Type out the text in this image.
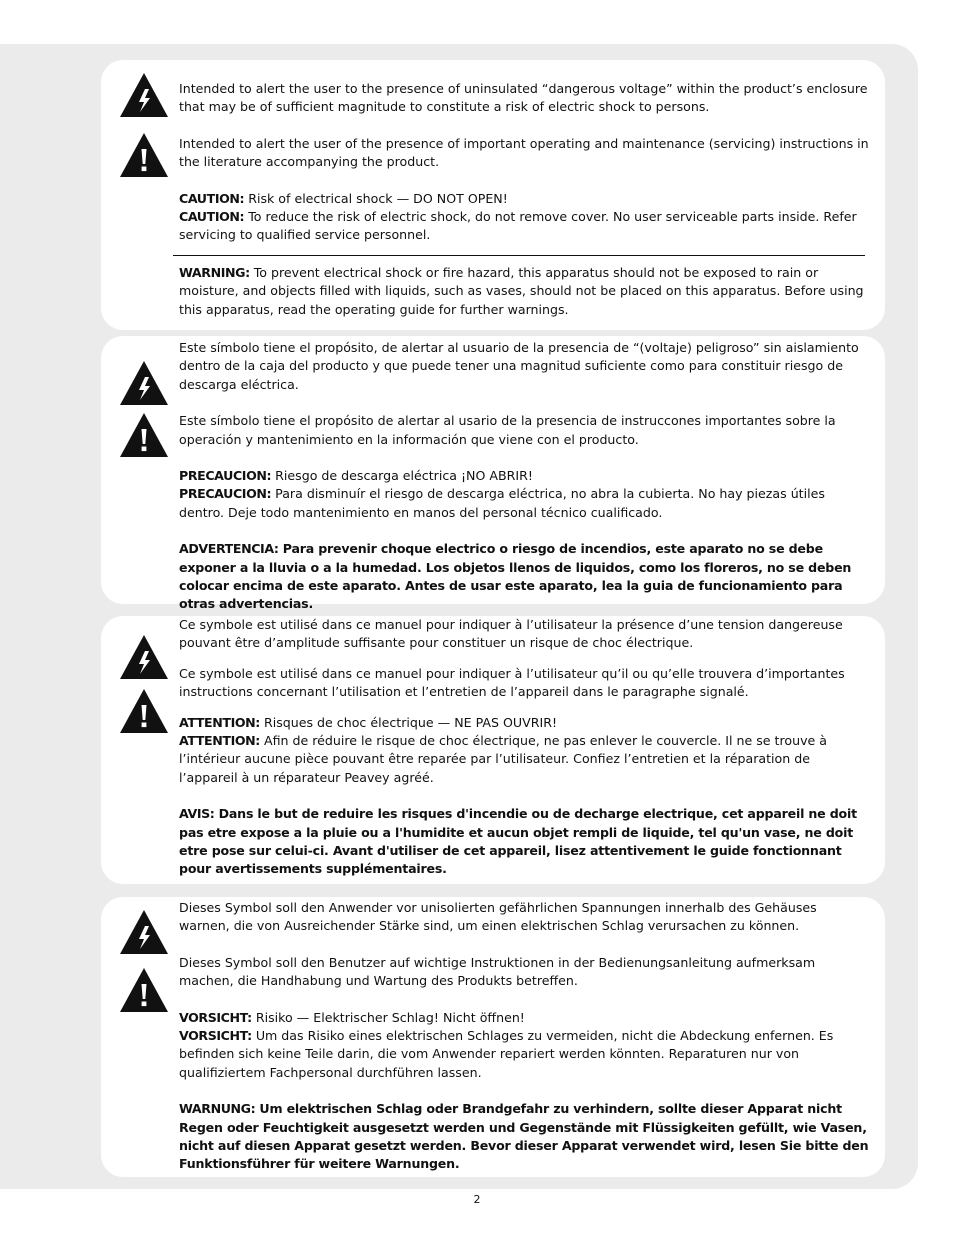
Intended to alert the user to the presence of uninsulated “dangerous voltage” within the product’s enclosure that may be of sufficient magnitude to constitute a risk of electric shock to persons.

Intended to alert the user of the presence of important operating and maintenance (servicing) instructions in the literature accompanying the product.

CAUTION: Risk of electrical shock — DO NOT OPEN!

CAUTION: To reduce the risk of electric shock, do not remove cover. No user serviceable parts inside. Refer servicing to qualified service personnel.

WARNING: To prevent electrical shock or fire hazard, this apparatus should not be exposed to rain or moisture, and objects filled with liquids, such as vases, should not be placed on this apparatus. Before using this apparatus, read the operating guide for further warnings.

Este símbolo tiene el propósito, de alertar al usuario de la presencia de “(voltaje) peligroso” sin aislamiento dentro de la caja del producto y que puede tener una magnitud suficiente como para constituir riesgo de descarga eléctrica.

Este símbolo tiene el propósito de alertar al usario de la presencia de instruccones importantes sobre la operación y mantenimiento en la información que viene con el producto.

PRECAUCION: Riesgo de descarga eléctrica ¡NO ABRIR!

PRECAUCION: Para disminuír el riesgo de descarga eléctrica, no abra la cubierta. No hay piezas útiles dentro. Deje todo mantenimiento en manos del personal técnico cualificado.

ADVERTENCIA: Para prevenir choque electrico o riesgo de incendios, este aparato no se debe exponer a la lluvia o a la humedad. Los objetos llenos de liquidos, como los floreros, no se deben colocar encima de este aparato. Antes de usar este aparato, lea la guia de funcionamiento para otras advertencias.

Ce symbole est utilisé dans ce manuel pour indiquer à l’utilisateur la présence d’une tension dangereuse pouvant être d’amplitude suffisante pour constituer un risque de choc électrique.

Ce symbole est utilisé dans ce manuel pour indiquer à l’utilisateur qu’il ou qu’elle trouvera d’importantes instructions concernant l’utilisation et l’entretien de l’appareil dans le paragraphe signalé.

ATTENTION: Risques de choc électrique — NE PAS OUVRIR!

ATTENTION: Afin de réduire le risque de choc électrique, ne pas enlever le couvercle. Il ne se trouve à l’intérieur aucune pièce pouvant être reparée par l’utilisateur. Confiez l’entretien et la réparation de l’appareil à un réparateur Peavey agréé.

AVIS: Dans le but de reduire les risques d'incendie ou de decharge electrique, cet appareil ne doit pas etre expose a la pluie ou a l'humidite et aucun objet rempli de liquide, tel qu'un vase, ne doit etre pose sur celui-ci. Avant d'utiliser de cet appareil, lisez attentivement le guide fonctionnant pour avertissements supplémentaires.

Dieses Symbol soll den Anwender vor unisolierten gefährlichen Spannungen innerhalb des Gehäuses warnen, die von Ausreichender Stärke sind, um einen elektrischen Schlag verursachen zu können.

Dieses Symbol soll den Benutzer auf wichtige Instruktionen in der Bedienungsanleitung aufmerksam machen, die Handhabung und Wartung des Produkts betreffen.

VORSICHT: Risiko — Elektrischer Schlag! Nicht öffnen!

VORSICHT: Um das Risiko eines elektrischen Schlages zu vermeiden, nicht die Abdeckung enfernen. Es befinden sich keine Teile darin, die vom Anwender repariert werden könnten. Reparaturen nur von qualifiziertem Fachpersonal durchführen lassen.

WARNUNG: Um elektrischen Schlag oder Brandgefahr zu verhindern, sollte dieser Apparat nicht Regen oder Feuchtigkeit ausgesetzt werden und Gegenstände mit Flüssigkeiten gefüllt, wie Vasen, nicht auf diesen Apparat gesetzt werden. Bevor dieser Apparat verwendet wird, lesen Sie bitte den Funktionsführer für weitere Warnungen.

2
